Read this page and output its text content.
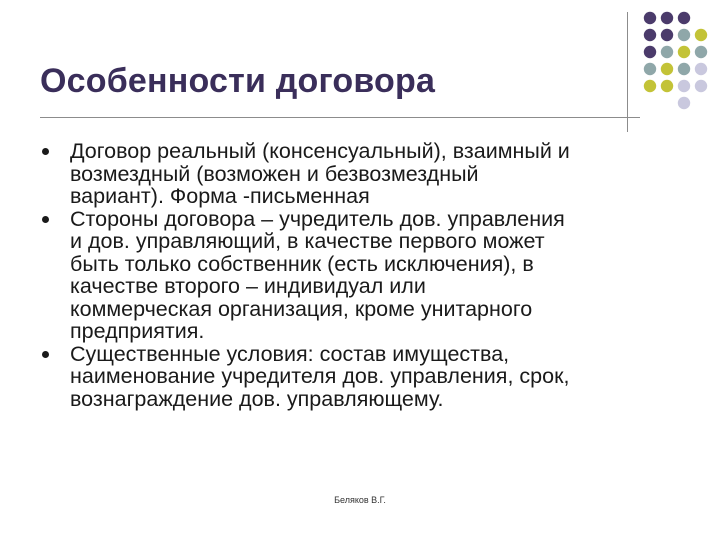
Особенности договора
Договор реальный (консенсуальный), взаимный и
возмездный (возможен и безвозмездный
вариант). Форма -письменная
Стороны договора – учредитель дов. управления
и дов. управляющий, в качестве первого может
быть только собственник (есть исключения), в
качестве второго – индивидуал или
коммерческая организация, кроме унитарного
предприятия.
Существенные условия: состав имущества,
наименование учредителя дов. управления, срок,
вознаграждение дов. управляющему.
Беляков В.Г.
